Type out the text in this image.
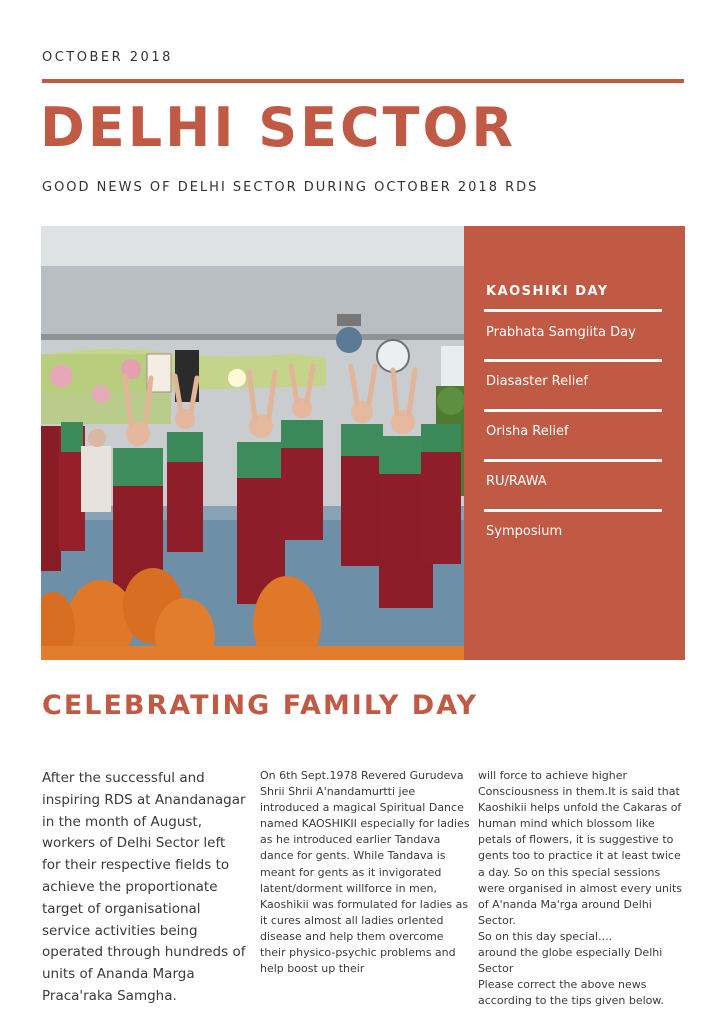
OCTOBER 2018
DELHI SECTOR
GOOD NEWS OF DELHI SECTOR DURING OCTOBER 2018 RDS
KAOSHIKI DAY
Prabhata Samgiita Day
Diasaster Relief
Orisha Relief
RU/RAWA
Symposium
CELEBRATING FAMILY DAY

After the successful and inspiring RDS at Anandanagar in the month of August, workers of Delhi Sector left for their respective fields to achieve the proportionate target of organisational service activities being operated through hundreds of units of Ananda Marga Praca'raka Samgha.

On 6th Sept.1978 Revered Gurudeva Shrii Shrii A'nandamurtti jee introduced a magical Spiritual Dance named KAOSHIKII especially for ladies as he introduced earlier Tandava dance for gents. While Tandava is meant for gents as it invigorated latent/dorment willforce in men, Kaoshikii was formulated for ladies as it cures almost all ladies orIented disease and help them overcome their physico-psychic problems and help boost up their

will force to achieve higher Consciousness in them.It is said that Kaoshikii helps unfold the Cakaras of human mind which blossom like petals of flowers, it is suggestive to gents too to practice it at least twice a day. So on this special sessions were organised in almost every units of A'nanda Ma'rga around Delhi Sector.
So on this day special....
around the globe especially Delhi Sector
Please correct the above news according to the tips given below.
